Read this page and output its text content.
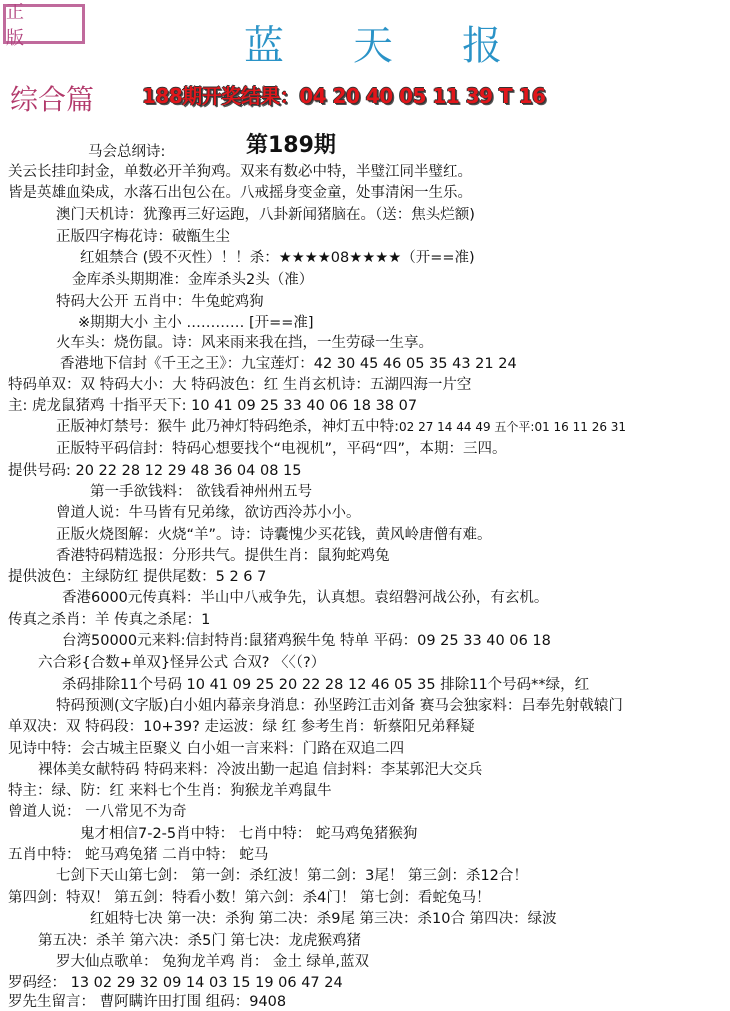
正 版	蓝 天 报
综合篇 188期开奖结果：04 20 40 05 11 39 T 16
第189期
马会总纲诗:
关云长挂印封金，单数必开羊狗鸡。双来有数必中特，半璧江同半璧红。
皆是英雄血染成，水落石出包公在。八戒摇身变金童，处事清闲一生乐。
澳门天机诗：犹豫再三好运跑，八卦新闻猪脑在。（送：焦头烂额)
正版四字梅花诗：破甑生尘
红姐禁合 (毁不灭性）！！杀：★★★★08★★★★（开==准)
金库杀头期期准：金库杀头2头（准）
特码大公开 五肖中：牛兔蛇鸡狗
※期期大小 主小 ………… [开==准]
火车头：烧伤鼠。诗：风来雨来我在挡，一生劳碌一生享。
香港地下信封《千王之王》：九宝莲灯：42 30 45 46 05 35 43 21 24
特码单双：双 特码大小：大 特码波色：红 生肖玄机诗：五湖四海一片空
主: 虎龙鼠猪鸡 十指平天下: 10 41 09 25 33 40 06 18 38 07
正版神灯禁号：猴牛 此乃神灯特码绝杀，神灯五中特:02 27 14 44 49 五个平:01 16 11 26 31
正版特平码信封：特码心想要找个“电视机”，平码“四”，本期：三四。
提供号码: 20 22 28 12 29 48 36 04 08 15
第一手欲钱料： 欲钱看神州州五号
曾道人说：牛马皆有兄弟缘，欲访西泠苏小小。
正版火烧图解：火烧“羊”。诗：诗囊愧少买花钱，黄风岭唐僧有难。
香港特码精选报：分形共气。提供生肖：鼠狗蛇鸡兔
提供波色：主绿防红 提供尾数：5 2 6 7
香港6000元传真料：半山中八戒争先，认真想。袁绍磐河战公孙，有玄机。
传真之杀肖：羊 传真之杀尾：1
台湾50000元来料:信封特肖:鼠猪鸡猴牛兔 特单 平码：09 25 33 40 06 18
六合彩{合数+单双}怪异公式 合双? 〈〈（?）
杀码排除11个号码 10 41 09 25 20 22 28 12 46 05 35 排除11个号码**绿，红
特码预测(文字版)白小姐内幕亲身消息：孙坚跨江击刘备 赛马会独家料：吕奉先射戟辕门
单双决：双 特码段：10+39? 走运波：绿 红 参考生肖：斩蔡阳兄弟释疑
见诗中特：会古城主臣聚义 白小姐一言来料：门路在双追二四
裸体美女献特码 特码来料：冷波出勤一起追 信封料：李某郭汜大交兵
特主：绿、防：红 来料七个生肖：狗猴龙羊鸡鼠牛
曾道人说： 一八常见不为奇
鬼才相信7-2-5肖中特： 七肖中特： 蛇马鸡兔猪猴狗
五肖中特： 蛇马鸡兔猪 二肖中特： 蛇马
七剑下天山第七剑： 第一剑：杀红波！第二剑：3尾！ 第三剑：杀12合！
第四剑：特双！ 第五剑：特看小数！第六剑：杀4门！ 第七剑：看蛇兔马！
红姐特七决 第一决：杀狗 第二决：杀9尾 第三决：杀10合 第四决：绿波
第五决：杀羊 第六决：杀5门 第七决：龙虎猴鸡猪
罗大仙点歌单： 兔狗龙羊鸡 肖： 金土 绿单,蓝双
罗码经： 13 02 29 32 09 14 03 15 19 06 47 24
罗先生留言： 曹阿瞒许田打围 组码：9408
